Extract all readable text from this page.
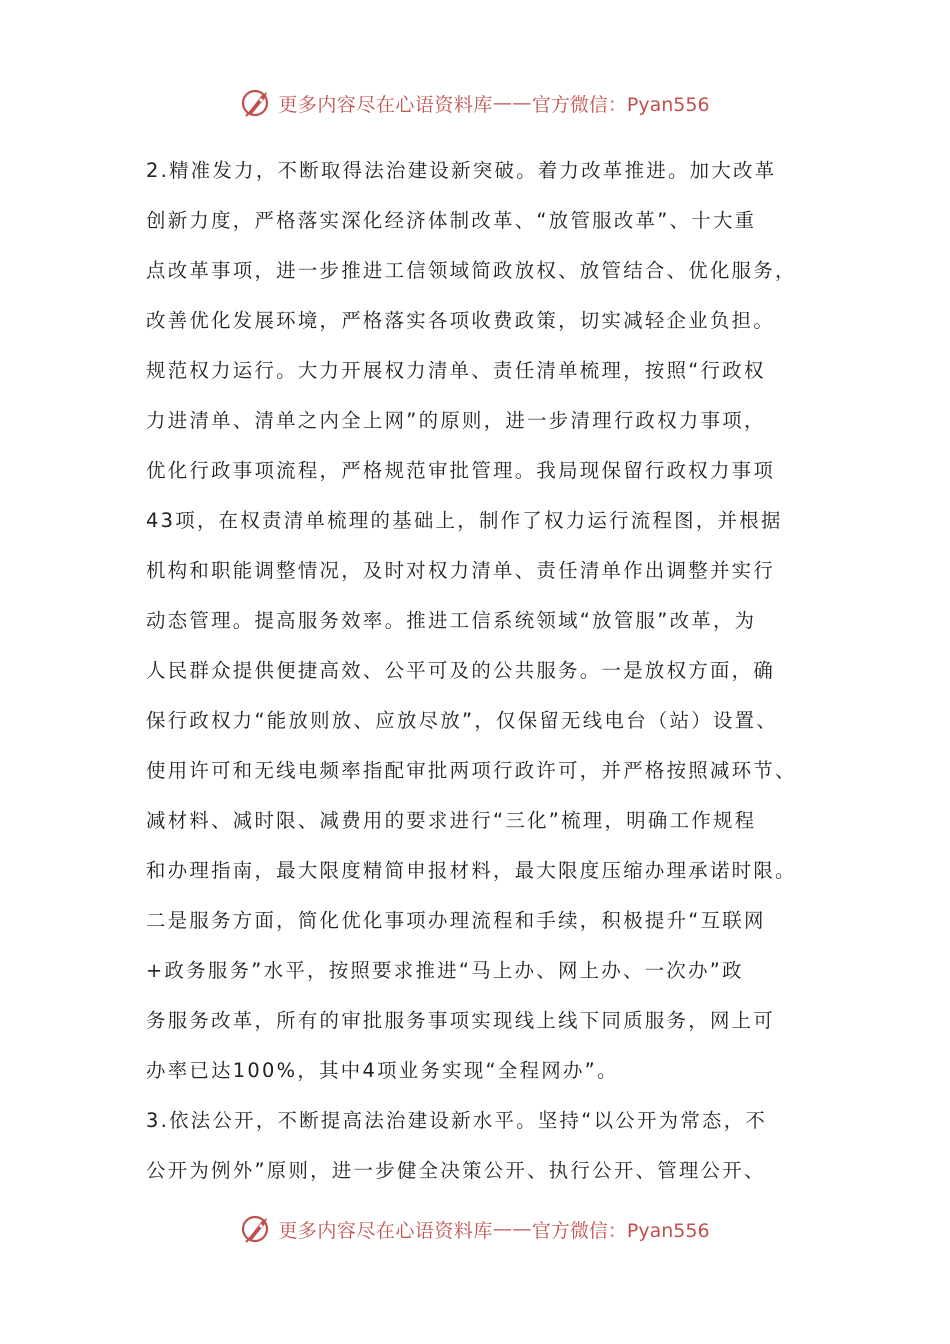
更多内容尽在心语资料库 —— 官方微信：Pyan556
2.精准发力，不断取得法治建设新突破。着力改革推进。加大改革
创新力度，严格落实深化经济体制改革、“放管服改革”、十大重
点改革事项，进一步推进工信领域简政放权、放管结合、优化服务，
改善优化发展环境，严格落实各项收费政策，切实减轻企业负担。
规范权力运行。大力开展权力清单、责任清单梳理，按照“行政权
力进清单、清单之内全上网”的原则，进一步清理行政权力事项，
优化行政事项流程，严格规范审批管理。我局现保留行政权力事项
43项，在权责清单梳理的基础上，制作了权力运行流程图，并根据
机构和职能调整情况，及时对权力清单、责任清单作出调整并实行
动态管理。提高服务效率。推进工信系统领域“放管服”改革，为
人民群众提供便捷高效、公平可及的公共服务。一是放权方面，确
保行政权力“能放则放、应放尽放”，仅保留无线电台（站）设置、
使用许可和无线电频率指配审批两项行政许可，并严格按照减环节、
减材料、减时限、减费用的要求进行“三化”梳理，明确工作规程
和办理指南，最大限度精简申报材料，最大限度压缩办理承诺时限。
二是服务方面，简化优化事项办理流程和手续，积极提升“互联网
+政务服务”水平，按照要求推进“马上办、网上办、一次办”政
务服务改革，所有的审批服务事项实现线上线下同质服务，网上可
办率已达100%，其中4项业务实现“全程网办”。
3.依法公开，不断提高法治建设新水平。坚持“以公开为常态，不
公开为例外”原则，进一步健全决策公开、执行公开、管理公开、
更多内容尽在心语资料库 —— 官方微信：Pyan556
